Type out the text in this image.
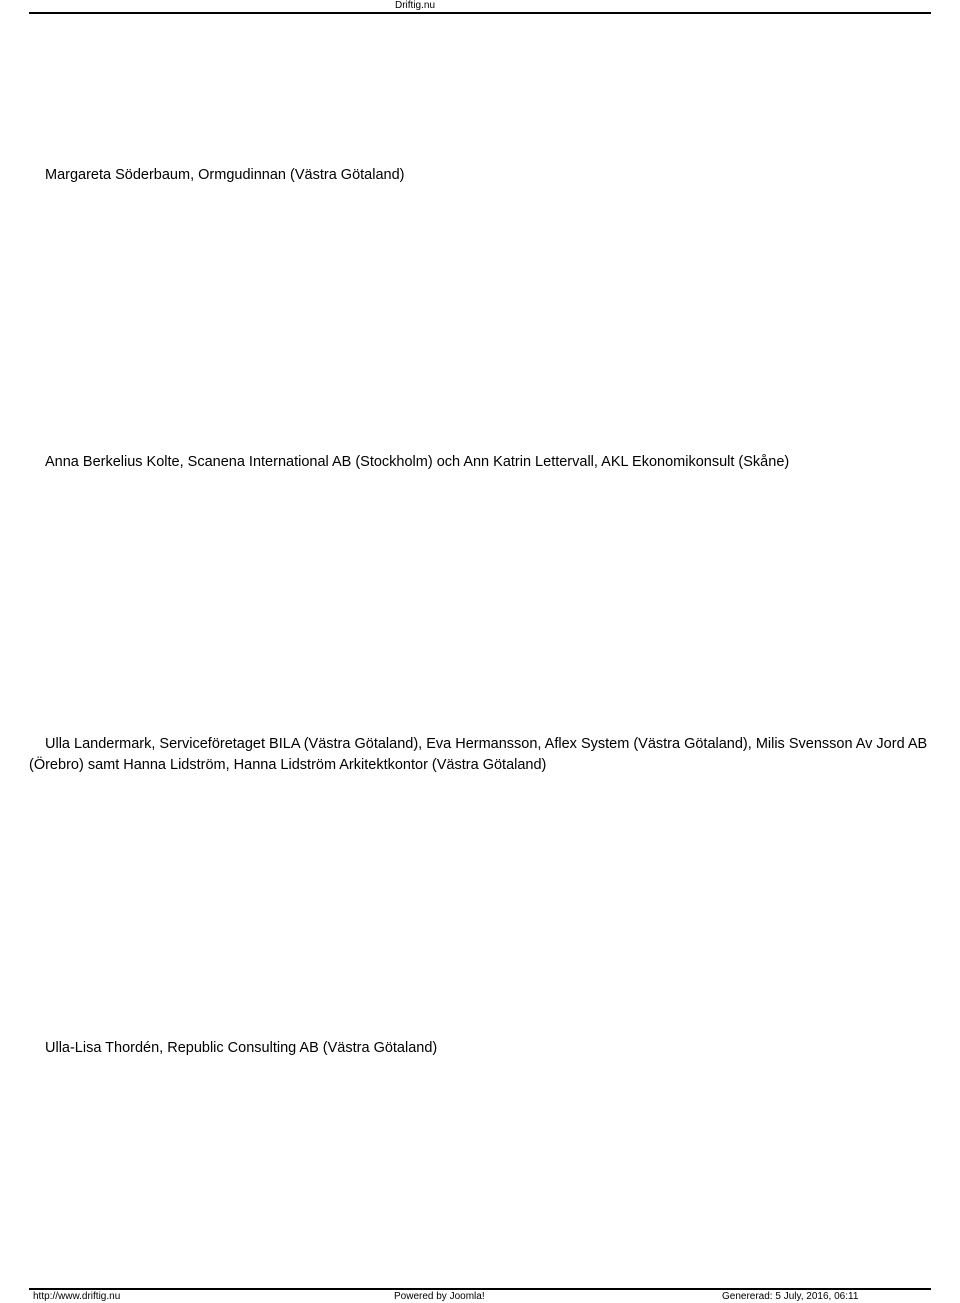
Driftig.nu
Margareta Söderbaum, Ormgudinnan (Västra Götaland)
Anna Berkelius Kolte, Scanena International AB (Stockholm) och Ann Katrin Lettervall, AKL Ekonomikonsult (Skåne)
Ulla Landermark, Serviceföretaget BILA (Västra Götaland), Eva Hermansson, Aflex System (Västra Götaland), Milis Svensson Av Jord AB (Örebro) samt Hanna Lidström, Hanna Lidström Arkitektkontor (Västra Götaland)
Ulla-Lisa Thordén, Republic Consulting AB (Västra Götaland)
http://www.driftig.nu	Powered by Joomla!	Genererad: 5 July, 2016, 06:11
